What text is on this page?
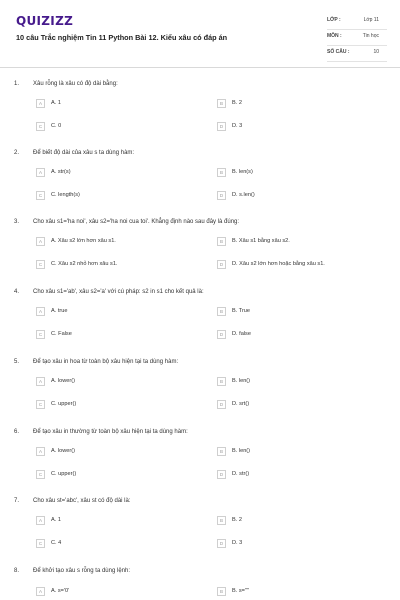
QUIZIZZ
10 câu Trắc nghiệm Tin 11 Python Bài 12. Kiểu xâu có đáp án
LỚP :	Lớp 11
MÔN :	Tin học
SỐ CÂU :	10
1. Xâu rỗng là xâu có độ dài bằng:
A	A. 1	B	B. 2
C	C. 0	D	D. 3
2. Để biết độ dài của xâu s ta dùng hàm:
A	A. str(s)	B	B. len(s)
C	C. length(s)	D	D. s.len()
3. Cho xâu s1='ha noi', xâu s2='ha noi cua toi'. Khẳng định nào sau đây là đúng:
A	A. Xâu s2 lớn hơn xâu s1.	B	B. Xâu s1 bằng xâu s2.
C	C. Xâu s2 nhỏ hơn xâu s1.	D	D. Xâu s2 lớn hơn hoặc bằng xâu s1.
4. Cho xâu s1='ab', xâu s2='a' với cú pháp: s2 in s1 cho kết quả là:
A	A. true	B	B. True
C	C. False	D	D. false
5. Để tạo xâu in hoa từ toàn bộ xâu hiện tại ta dùng hàm:
A	A. lower()	B	B. len()
C	C. upper()	D	D. srt()
6. Để tạo xâu in thường từ toàn bộ xâu hiện tại ta dùng hàm:
A	A. lower()	B	B. len()
C	C. upper()	D	D. str()
7. Cho xâu st='abc', xâu st có độ dài là:
A	A. 1	B	B. 2
C	C. 4	D	D. 3
8. Để khởi tạo xâu s rỗng ta dùng lệnh:
A	A. s='0'	B	B. s=""
